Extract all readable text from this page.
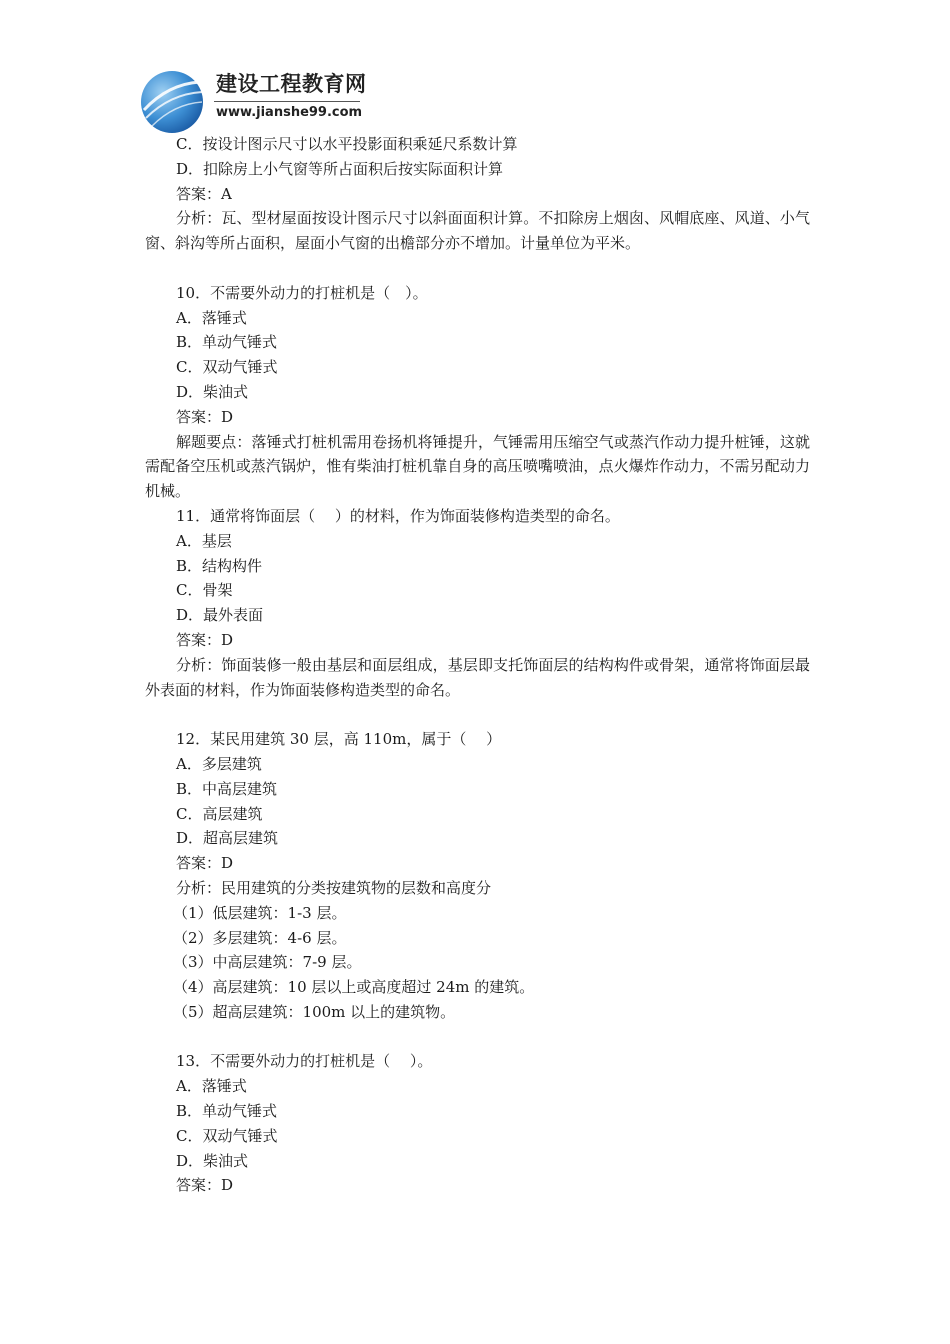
建设工程教育网
www.jianshe99.com
C．按设计图示尺寸以水平投影面积乘延尺系数计算
D．扣除房上小气窗等所占面积后按实际面积计算
答案：A
分析：瓦、型材屋面按设计图示尺寸以斜面面积计算。不扣除房上烟囱、风帽底座、风道、小气窗、斜沟等所占面积，屋面小气窗的出檐部分亦不增加。计量单位为平米。
10．不需要外动力的打桩机是（　）。
A．落锤式
B．单动气锤式
C．双动气锤式
D．柴油式
答案：D
解题要点：落锤式打桩机需用卷扬机将锤提升，气锤需用压缩空气或蒸汽作动力提升桩锤，这就需配备空压机或蒸汽锅炉，惟有柴油打桩机靠自身的高压喷嘴喷油，点火爆炸作动力，不需另配动力机械。
11．通常将饰面层（　 ）的材料，作为饰面装修构造类型的命名。
A．基层
B．结构构件
C．骨架
D．最外表面
答案：D
分析：饰面装修一般由基层和面层组成，基层即支托饰面层的结构构件或骨架，通常将饰面层最外表面的材料，作为饰面装修构造类型的命名。
12．某民用建筑 30 层，高 110m，属于（　 ）
A．多层建筑
B．中高层建筑
C．高层建筑
D．超高层建筑
答案：D
分析：民用建筑的分类按建筑物的层数和高度分
（1）低层建筑：1-3 层。
（2）多层建筑：4-6 层。
（3）中高层建筑：7-9 层。
（4）高层建筑：10 层以上或高度超过 24m 的建筑。
（5）超高层建筑：100m 以上的建筑物。
13．不需要外动力的打桩机是（　 ）。
A．落锤式
B．单动气锤式
C．双动气锤式
D．柴油式
答案：D
